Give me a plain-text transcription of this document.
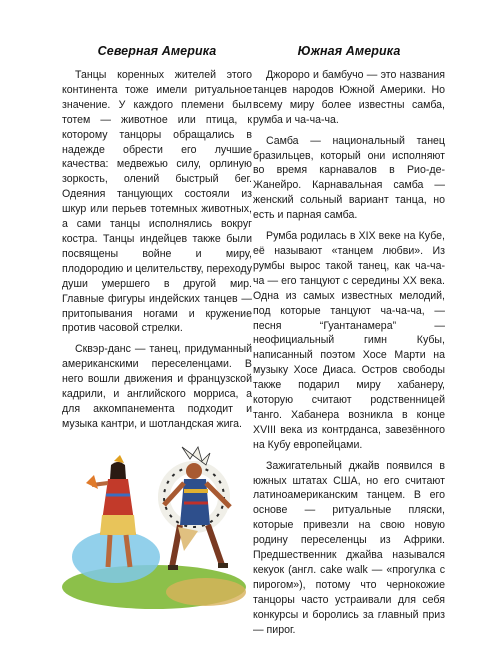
Северная Америка

Танцы коренных жителей этого континента тоже имели ритуальное значение. У каждого племени был тотем — животное или птица, к которому танцоры обращались в надежде обрести его лучшие качества: медвежью силу, орлиную зоркость, олений быстрый бег. Одеяния танцующих состояли из шкур или перьев тотемных животных, а сами танцы исполнялись вокруг костра. Танцы индейцев также были посвящены войне и миру, плодородию и целительству, переходу души умершего в другой мир. Главные фигуры индейских танцев — притопывания ногами и кружение против часовой стрелки.

Сквэр-данс — танец, придуманный американскими переселенцами. В него вошли движения и французской кадрили, и английского морриса, а для аккомпанемента подходит и музыка кантри, и шотландская жига.

Южная Америка

Джороро и бамбучо — это названия танцев народов Южной Америки. Но всему миру более известны самба, румба и ча-ча-ча.

Самба — национальный танец бразильцев, который они исполняют во время карнавалов в Рио-де-Жанейро. Карнавальная самба — женский сольный вариант танца, но есть и парная самба.

Румба родилась в XIX веке на Кубе, её называют «танцем любви». Из румбы вырос такой танец, как ча-ча-ча — его танцуют с середины XX века. Одна из самых известных мелодий, под которые танцуют ча-ча-ча, — песня “Гуантанамера” — неофициальный гимн Кубы, написанный поэтом Хосе Марти на музыку Хосе Диаса. Остров свободы также подарил миру хабанеру, которую считают родственницей танго. Хабанера возникла в конце XVIII века из контрданса, завезённого на Кубу европейцами.

Зажигательный джайв появился в южных штатах США, но его считают латиноамериканским танцем. В его основе — ритуальные пляски, которые привезли на свою новую родину переселенцы из Африки. Предшественник джайва назывался кекуок (англ. cake walk — «прогулка с пирогом»), потому что чернокожие танцоры часто устраивали для себя конкурсы и боролись за главный приз — пирог.
